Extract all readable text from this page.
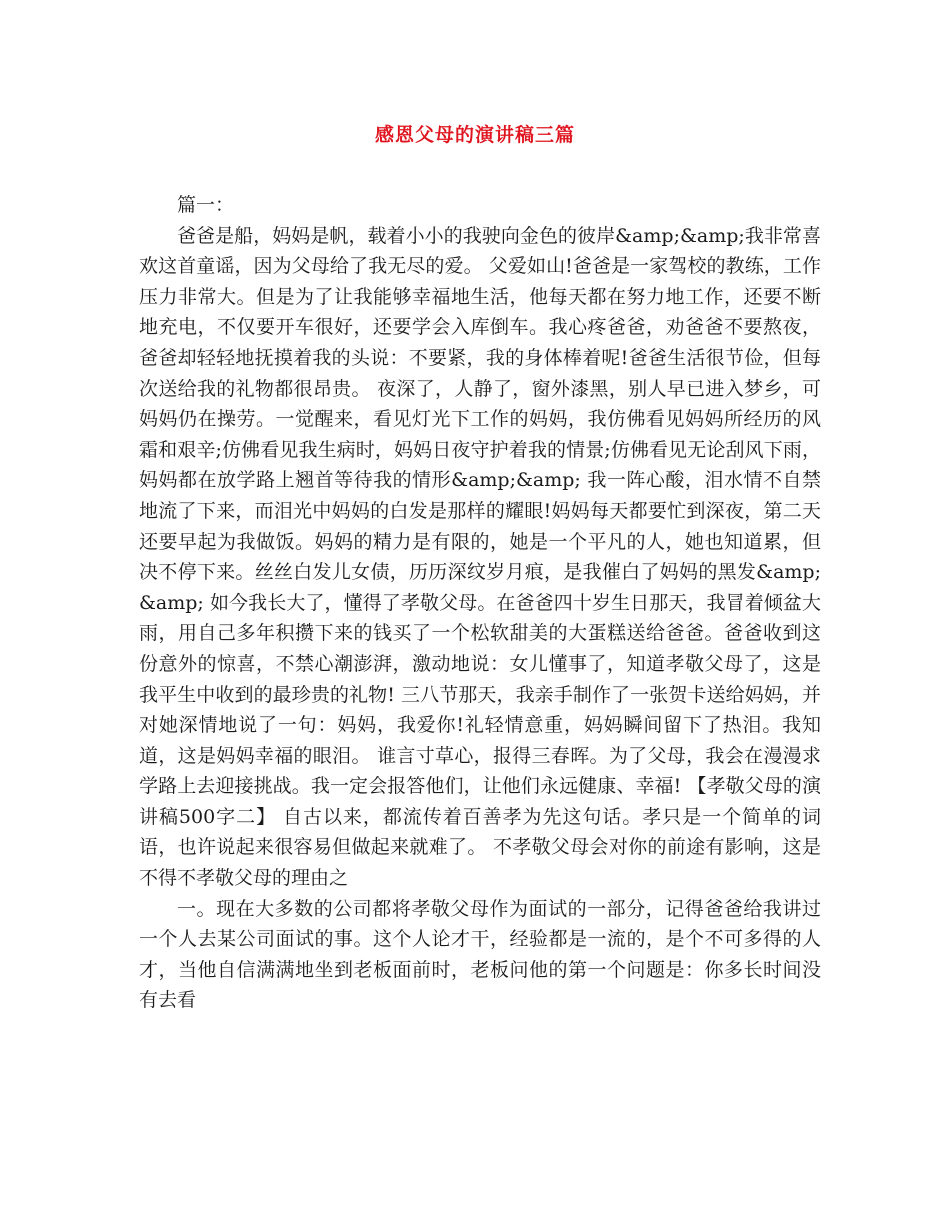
感恩父母的演讲稿三篇

篇一：

爸爸是船，妈妈是帆，载着小小的我驶向金色的彼岸&amp;&amp;我非常喜欢这首童谣，因为父母给了我无尽的爱。 父爱如山!爸爸是一家驾校的教练，工作压力非常大。但是为了让我能够幸福地生活，他每天都在努力地工作，还要不断地充电，不仅要开车很好，还要学会入库倒车。我心疼爸爸，劝爸爸不要熬夜，爸爸却轻轻地抚摸着我的头说：不要紧，我的身体棒着呢!爸爸生活很节俭，但每次送给我的礼物都很昂贵。 夜深了，人静了，窗外漆黑，别人早已进入梦乡，可妈妈仍在操劳。一觉醒来，看见灯光下工作的妈妈，我仿佛看见妈妈所经历的风霜和艰辛;仿佛看见我生病时，妈妈日夜守护着我的情景;仿佛看见无论刮风下雨，妈妈都在放学路上翘首等待我的情形&amp;&amp; 我一阵心酸，泪水情不自禁地流了下来，而泪光中妈妈的白发是那样的耀眼!妈妈每天都要忙到深夜，第二天还要早起为我做饭。妈妈的精力是有限的，她是一个平凡的人，她也知道累，但决不停下来。丝丝白发儿女债，历历深纹岁月痕，是我催白了妈妈的黑发&amp;&amp; 如今我长大了，懂得了孝敬父母。在爸爸四十岁生日那天，我冒着倾盆大雨，用自己多年积攒下来的钱买了一个松软甜美的大蛋糕送给爸爸。爸爸收到这份意外的惊喜，不禁心潮澎湃，激动地说：女儿懂事了，知道孝敬父母了，这是我平生中收到的最珍贵的礼物! 三八节那天，我亲手制作了一张贺卡送给妈妈，并对她深情地说了一句：妈妈，我爱你!礼轻情意重，妈妈瞬间留下了热泪。我知道，这是妈妈幸福的眼泪。 谁言寸草心，报得三春晖。为了父母，我会在漫漫求学路上去迎接挑战。我一定会报答他们，让他们永远健康、幸福! 【孝敬父母的演讲稿500字二】 自古以来，都流传着百善孝为先这句话。孝只是一个简单的词语，也许说起来很容易但做起来就难了。 不孝敬父母会对你的前途有影响，这是不得不孝敬父母的理由之

一。现在大多数的公司都将孝敬父母作为面试的一部分，记得爸爸给我讲过一个人去某公司面试的事。这个人论才干，经验都是一流的，是个不可多得的人才，当他自信满满地坐到老板面前时，老板问他的第一个问题是：你多长时间没有去看
